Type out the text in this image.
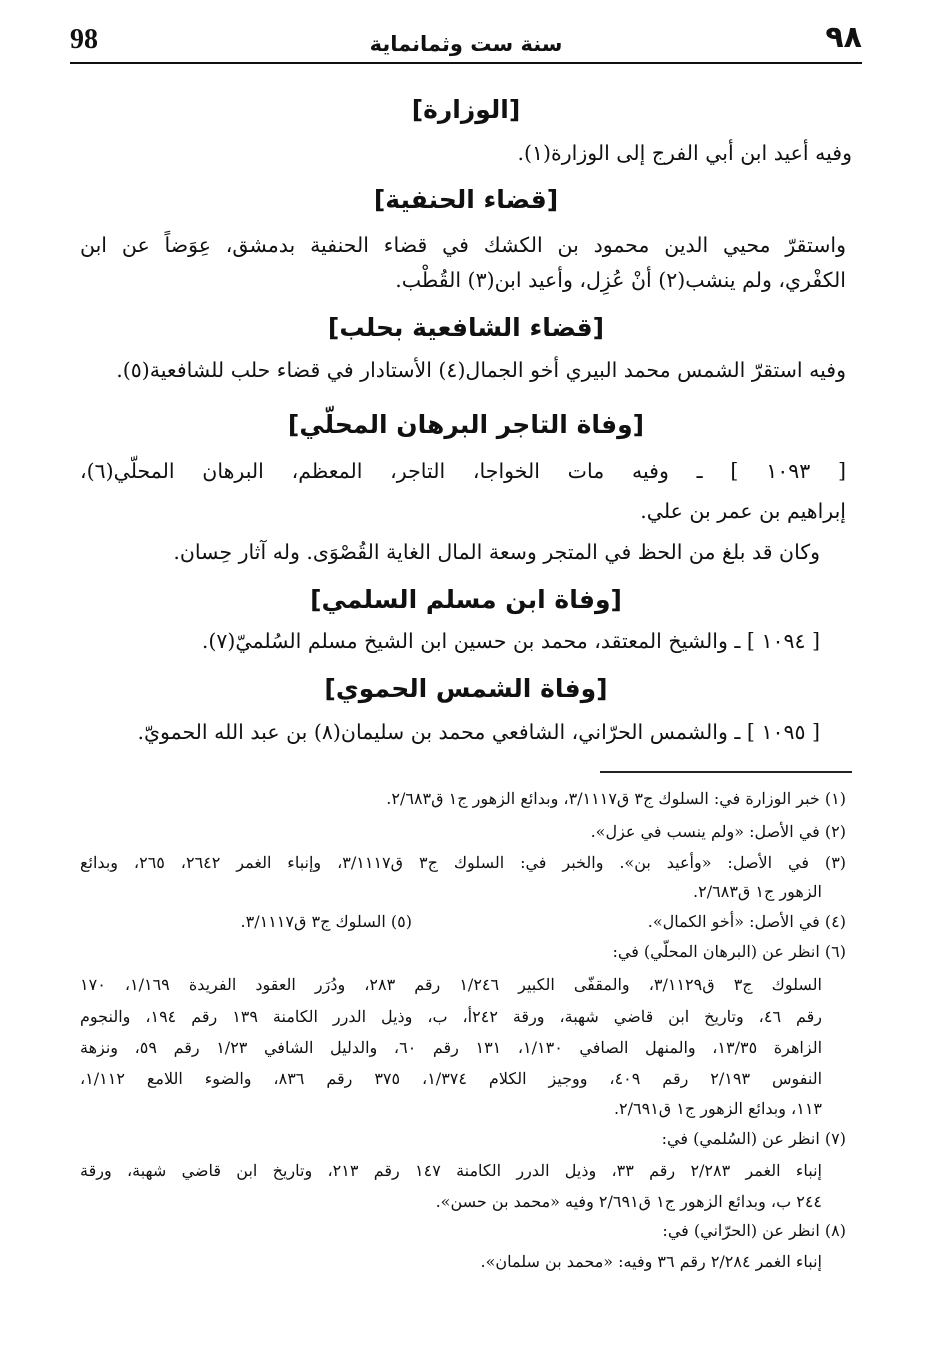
98	سنة ست وثمانماية	٩٨
[الوزارة]
وفيه أعيد ابن أبي الفرج إلى الوزارة(١).
[قضاء الحنفية]
واستقرّ محيي الدين محمود بن الكشك في قضاء الحنفية بدمشق، عِوَضاً عن ابن
الكفْري، ولم ينشب(٢) أنْ عُزِل، وأعيد ابن(٣) القُطْب.
[قضاء الشافعية بحلب]
وفيه استقرّ الشمس محمد البيري أخو الجمال(٤) الأستادار في قضاء حلب للشافعية(٥).
[وفاة التاجر البرهان المحلّي]
[ ١٠٩٣ ] ـ وفيه مات الخواجا، التاجر، المعظم، البرهان المحلّي(٦)،
إبراهيم بن عمر بن علي.
وكان قد بلغ من الحظ في المتجر وسعة المال الغاية القُصْوَى. وله آثار حِسان.
[وفاة ابن مسلم السلمي]
[ ١٠٩٤ ] ـ والشيخ المعتقد، محمد بن حسين ابن الشيخ مسلم السُلميّ(٧).
[وفاة الشمس الحموي]
[ ١٠٩٥ ] ـ والشمس الحرّاني، الشافعي محمد بن سليمان(٨) بن عبد الله الحمويّ.
(١) خبر الوزارة في: السلوك ج٣ ق٣/١١١٧، وبدائع الزهور ج١ ق٢/٦٨٣.
(٢) في الأصل: «ولم ينسب في عزل».
(٣) في الأصل: «وأعيد بن». والخبر في: السلوك ج٣ ق٣/١١١٧، وإنباء الغمر ٢٦٤٢، ٢٦٥، وبدائع
الزهور ج١ ق٢/٦٨٣.
(٤) في الأصل: «أخو الكمال».
(٥) السلوك ج٣ ق٣/١١١٧.
(٦) انظر عن (البرهان المحلّي) في:
السلوك ج٣ ق٣/١١٢٩، والمقفّى الكبير ١/٢٤٦ رقم ٢٨٣، ودُرَر العقود الفريدة ١/١٦٩، ١٧٠
رقم ٤٦، وتاريخ ابن قاضي شهبة، ورقة ٢٤٢أ، ب، وذيل الدرر الكامنة ١٣٩ رقم ١٩٤، والنجوم
الزاهرة ١٣/٣٥، والمنهل الصافي ١/١٣٠، ١٣١ رقم ٦٠، والدليل الشافي ١/٢٣ رقم ٥٩، ونزهة
النفوس ٢/١٩٣ رقم ٤٠٩، ووجيز الكلام ١/٣٧٤، ٣٧٥ رقم ٨٣٦، والضوء اللامع ١/١١٢،
١١٣، وبدائع الزهور ج١ ق٢/٦٩١.
(٧) انظر عن (السُلمي) في:
إنباء الغمر ٢/٢٨٣ رقم ٣٣، وذيل الدرر الكامنة ١٤٧ رقم ٢١٣، وتاريخ ابن قاضي شهبة، ورقة
٢٤٤ ب، وبدائع الزهور ج١ ق٢/٦٩١ وفيه «محمد بن حسن».
(٨) انظر عن (الحرّاني) في:
إنباء الغمر ٢/٢٨٤ رقم ٣٦ وفيه: «محمد بن سلمان».
